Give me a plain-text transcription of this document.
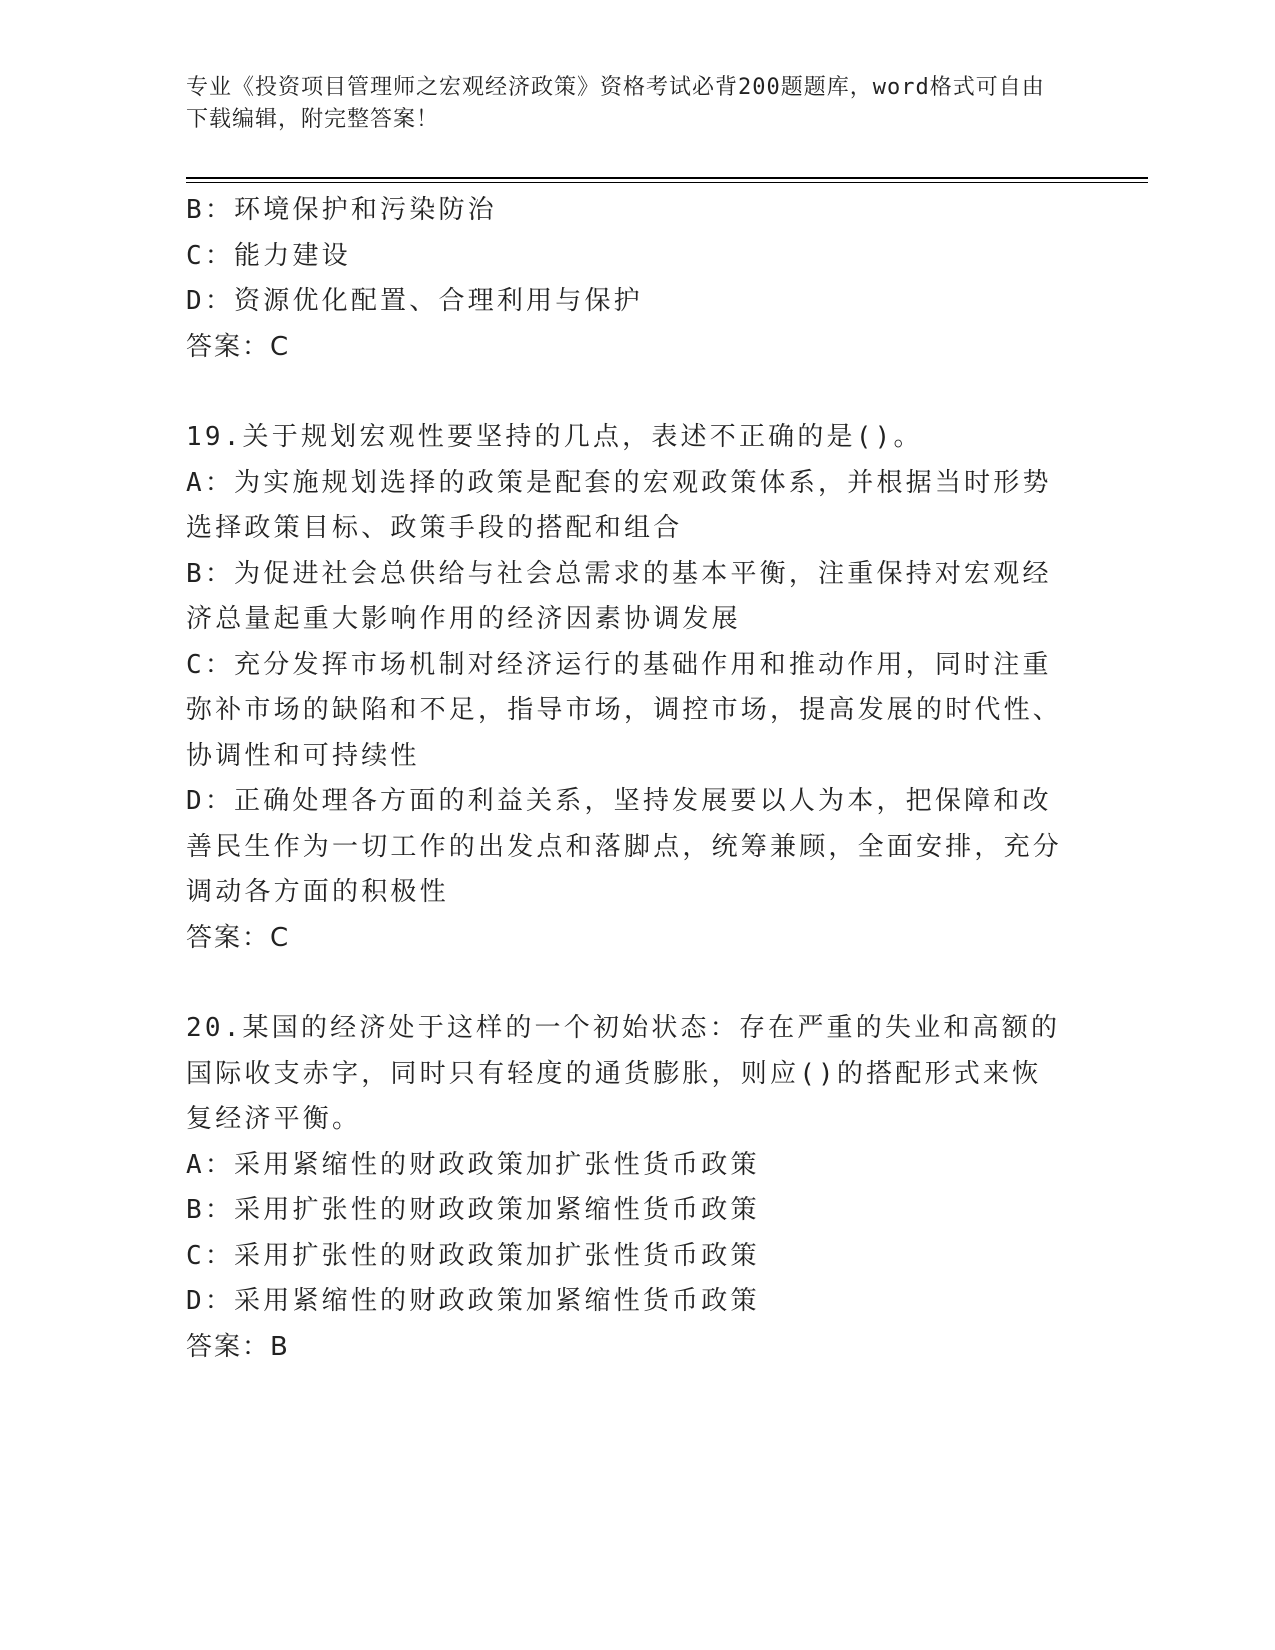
专业《投资项目管理师之宏观经济政策》资格考试必背200题题库，word格式可自由下载编辑，附完整答案！
B：环境保护和污染防治
C：能力建设
D：资源优化配置、合理利用与保护
答案：C
19.关于规划宏观性要坚持的几点，表述不正确的是()。
A：为实施规划选择的政策是配套的宏观政策体系，并根据当时形势选择政策目标、政策手段的搭配和组合
B：为促进社会总供给与社会总需求的基本平衡，注重保持对宏观经济总量起重大影响作用的经济因素协调发展
C：充分发挥市场机制对经济运行的基础作用和推动作用，同时注重弥补市场的缺陷和不足，指导市场，调控市场，提高发展的时代性、协调性和可持续性
D：正确处理各方面的利益关系，坚持发展要以人为本，把保障和改善民生作为一切工作的出发点和落脚点，统筹兼顾，全面安排，充分调动各方面的积极性
答案：C
20.某国的经济处于这样的一个初始状态：存在严重的失业和高额的国际收支赤字，同时只有轻度的通货膨胀，则应()的搭配形式来恢复经济平衡。
A：采用紧缩性的财政政策加扩张性货币政策
B：采用扩张性的财政政策加紧缩性货币政策
C：采用扩张性的财政政策加扩张性货币政策
D：采用紧缩性的财政政策加紧缩性货币政策
答案：B
